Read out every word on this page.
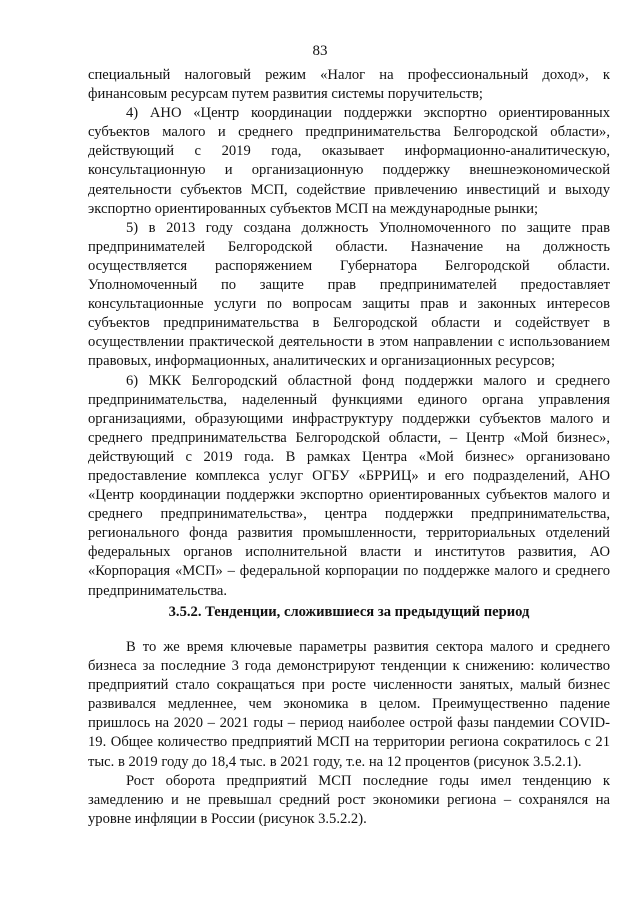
83

специальный налоговый режим «Налог на профессиональный доход», к финансовым ресурсам путем развития системы поручительств;

4) АНО «Центр координации поддержки экспортно ориентированных субъектов малого и среднего предпринимательства Белгородской области», действующий с 2019 года, оказывает информационно-аналитическую, консультационную и организационную поддержку внешнеэкономической деятельности субъектов МСП, содействие привлечению инвестиций и выходу экспортно ориентированных субъектов МСП на международные рынки;

5) в 2013 году создана должность Уполномоченного по защите прав предпринимателей Белгородской области. Назначение на должность осуществляется распоряжением Губернатора Белгородской области. Уполномоченный по защите прав предпринимателей предоставляет консультационные услуги по вопросам защиты прав и законных интересов субъектов предпринимательства в Белгородской области и содействует в осуществлении практической деятельности в этом направлении с использованием правовых, информационных, аналитических и организационных ресурсов;

6) МКК Белгородский областной фонд поддержки малого и среднего предпринимательства, наделенный функциями единого органа управления организациями, образующими инфраструктуру поддержки субъектов малого и среднего предпринимательства Белгородской области, – Центр «Мой бизнес», действующий с 2019 года. В рамках Центра «Мой бизнес» организовано предоставление комплекса услуг ОГБУ «БРРИЦ» и его подразделений, АНО «Центр координации поддержки экспортно ориентированных субъектов малого и среднего предпринимательства», центра поддержки предпринимательства, регионального фонда развития промышленности, территориальных отделений федеральных органов исполнительной власти и институтов развития, АО «Корпорация «МСП» – федеральной корпорации по поддержке малого и среднего предпринимательства.

3.5.2. Тенденции, сложившиеся за предыдущий период

В то же время ключевые параметры развития сектора малого и среднего бизнеса за последние 3 года демонстрируют тенденции к снижению: количество предприятий стало сокращаться при росте численности занятых, малый бизнес развивался медленнее, чем экономика в целом. Преимущественно падение пришлось на 2020 – 2021 годы – период наиболее острой фазы пандемии COVID-19. Общее количество предприятий МСП на территории региона сократилось с 21 тыс. в 2019 году до 18,4 тыс. в 2021 году, т.е. на 12 процентов (рисунок 3.5.2.1).

Рост оборота предприятий МСП последние годы имел тенденцию к замедлению и не превышал средний рост экономики региона – сохранялся на уровне инфляции в России (рисунок 3.5.2.2).
